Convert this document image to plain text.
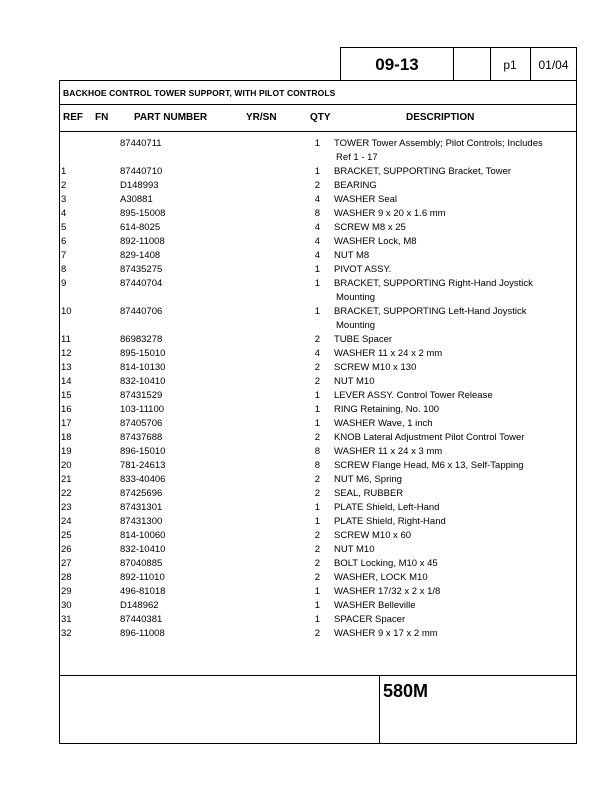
09-13	p1	01/04
BACKHOE CONTROL TOWER SUPPORT, WITH PILOT CONTROLS
REF FN	PART NUMBER	YR/SN	QTY	DESCRIPTION
87440711	1 TOWER Tower Assembly; Pilot Controls; Includes
Ref 1 - 17
1	87440710	1 BRACKET, SUPPORTING Bracket, Tower
2	D148993	2 BEARING
3	A30881	4 WASHER Seal
4	895-15008	8 WASHER 9 x 20 x 1.6 mm
5	614-8025	4 SCREW M8 x 25
6	892-11008	4 WASHER Lock, M8
7	829-1408	4 NUT M8
8	87435275	1 PIVOT ASSY.
9	87440704	1 BRACKET, SUPPORTING Right-Hand Joystick
Mounting
10	87440706	1 BRACKET, SUPPORTING Left-Hand Joystick
Mounting
11	86983278	2 TUBE Spacer
12	895-15010	4 WASHER 11 x 24 x 2 mm
13	814-10130	2 SCREW M10 x 130
14	832-10410	2 NUT M10
15	87431529	1 LEVER ASSY. Control Tower Release
16	103-11100	1 RING Retaining, No. 100
17	87405706	1 WASHER Wave, 1 inch
18	87437688	2 KNOB Lateral Adjustment Pilot Control Tower
19	896-15010	8 WASHER 11 x 24 x 3 mm
20	781-24613	8 SCREW Flange Head, M6 x 13, Self-Tapping
21	833-40406	2 NUT M6, Spring
22	87425696	2 SEAL, RUBBER
23	87431301	1 PLATE Shield, Left-Hand
24	87431300	1 PLATE Shield, Right-Hand
25	814-10060	2 SCREW M10 x 60
26	832-10410	2 NUT M10
27	87040885	2 BOLT Locking, M10 x 45
28	892-11010	2 WASHER, LOCK M10
29	496-81018	1 WASHER 17/32 x 2 x 1/8
30	D148962	1 WASHER Belleville
31	87440381	1 SPACER Spacer
32	896-11008	2 WASHER 9 x 17 x 2 mm
580M
